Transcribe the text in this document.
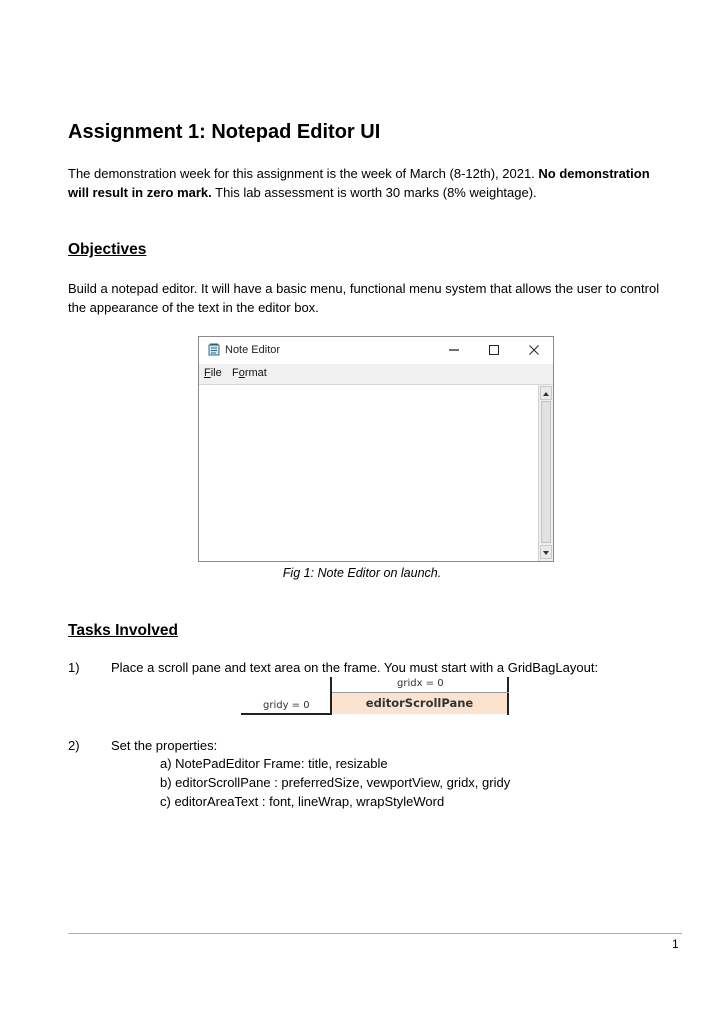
Assignment 1: Notepad Editor UI
The demonstration week for this assignment is the week of March (8-12th), 2021. No demonstration will result in zero mark. This lab assessment is worth 30 marks (8% weightage).
Objectives
Build a notepad editor. It will have a basic menu, functional menu system that allows the user to control the appearance of the text in the editor box.
Note Editor
File Format
Fig 1: Note Editor on launch.
Tasks Involved
1) Place a scroll pane and text area on the frame. You must start with a GridBagLayout:
gridx = 0
editorScrollPane
gridy = 0
2) Set the properties:
a) NotePadEditor Frame: title, resizable
b) editorScrollPane : preferredSize, vewportView, gridx, gridy
c) editorAreaText : font, lineWrap, wrapStyleWord
1
